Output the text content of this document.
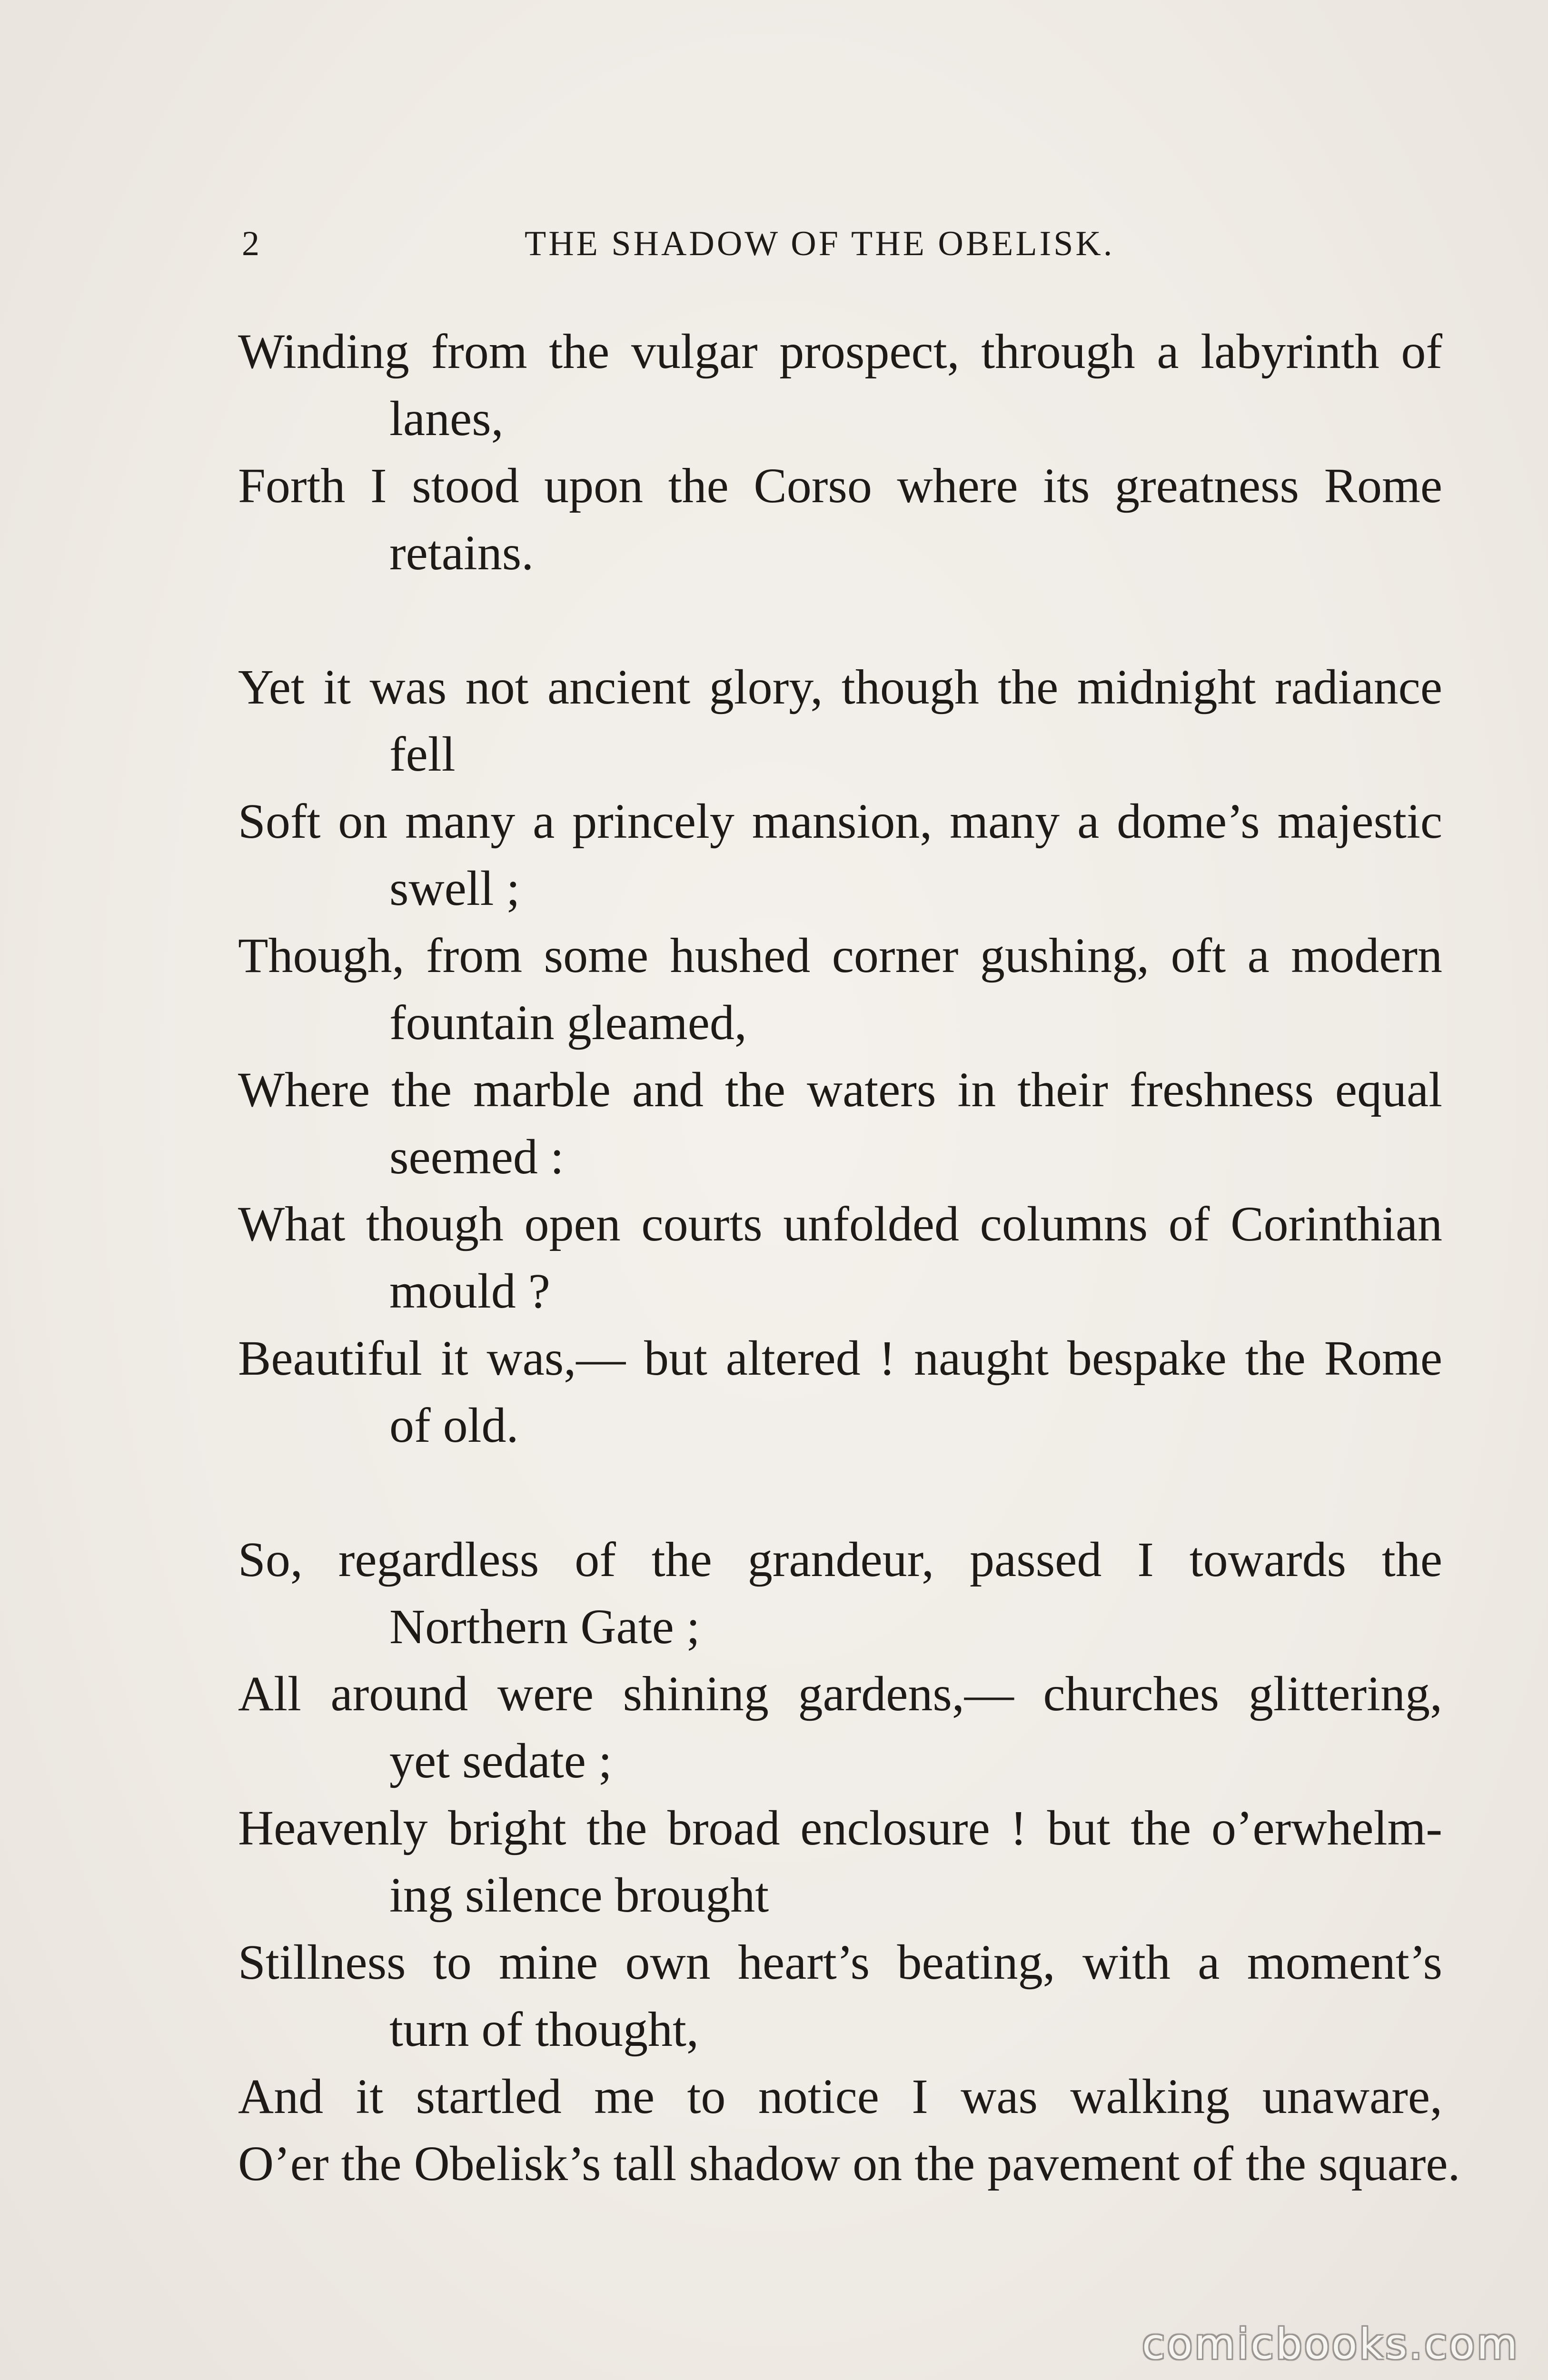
2	THE SHADOW OF THE OBELISK.

Winding from the vulgar prospect, through a labyrinth of
lanes,
Forth I stood upon the Corso where its greatness Rome
retains.

Yet it was not ancient glory, though the midnight radiance
fell
Soft on many a princely mansion, many a dome’s majestic
swell ;
Though, from some hushed corner gushing, oft a modern
fountain gleamed,
Where the marble and the waters in their freshness equal
seemed :
What though open courts unfolded columns of Corinthian
mould ?
Beautiful it was,— but altered ! naught bespake the Rome
of old.

So, regardless of the grandeur, passed I towards the
Northern Gate ;
All around were shining gardens,— churches glittering,
yet sedate ;
Heavenly bright the broad enclosure ! but the o’erwhelm-
ing silence brought
Stillness to mine own heart’s beating, with a moment’s
turn of thought,
And it startled me to notice I was walking unaware,
O’er the Obelisk’s tall shadow on the pavement of the square.

comicbooks.com
